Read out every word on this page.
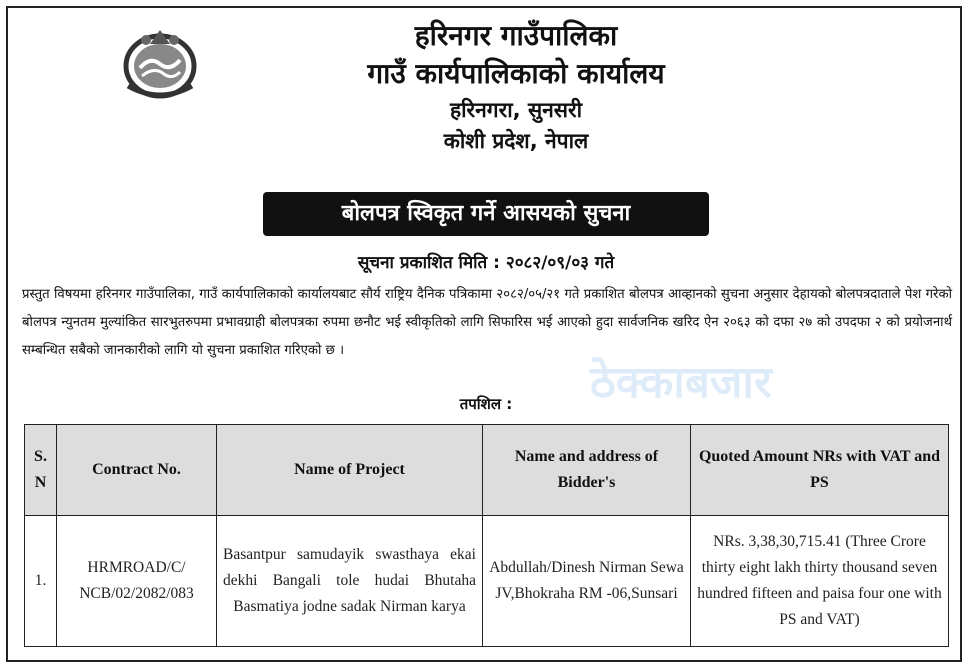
हरिनगर गाउँपालिका
गाउँ कार्यपालिकाको कार्यालय
हरिनगरा, सुनसरी
कोशी प्रदेश, नेपाल
बोलपत्र स्विकृत गर्ने आसयको सुचना
सूचना प्रकाशित मिति : २०८२/०९/०३ गते
ठेक्काबजार
प्रस्तुत विषयमा हरिनगर गाउँपालिका, गाउँ कार्यपालिकाको कार्यालयबाट सौर्य राष्ट्रिय दैनिक पत्रिकामा २०८२/०५/२१ गते प्रकाशित बोलपत्र आव्हानको सुचना अनुसार देहायको बोलपत्रदाताले पेश गरेको बोलपत्र न्युनतम मुल्यांकित सारभुतरुपमा प्रभावग्राही बोलपत्रका रुपमा छनौट भई स्वीकृतिको लागि सिफारिस भई आएको हुदा सार्वजनिक खरिद ऐन २०६३ को दफा २७ को उपदफा २ को प्रयोजनार्थ सम्बन्धित सबैको जानकारीको लागि यो सुचना प्रकाशित गरिएको छ ।
तपशिल :
S. N	Contract No.	Name of Project	Name and address of Bidder's	Quoted Amount NRs with VAT and PS
1.	HRMROAD/C/ NCB/02/2082/083	Basantpur samudayik swasthaya ekai dekhi Bangali tole hudai Bhutaha Basmatiya jodne sadak Nirman karya	Abdullah/Dinesh Nirman Sewa JV,Bhokraha RM -06,Sunsari	NRs. 3,38,30,715.41 (Three Crore thirty eight lakh thirty thousand seven hundred fifteen and paisa four one with PS and VAT)
